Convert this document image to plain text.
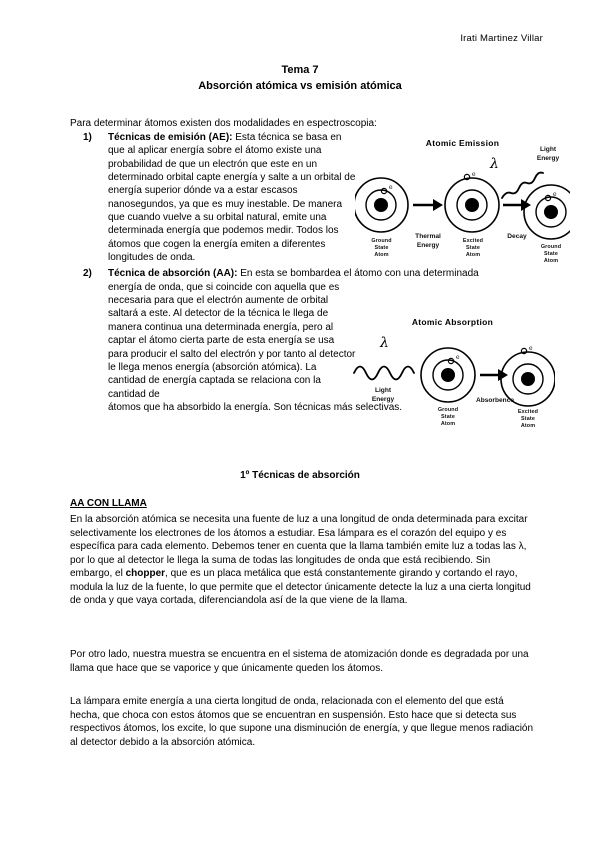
Irati Martinez Villar
Tema 7
Absorción atómica vs emisión atómica
Para determinar átomos existen dos modalidades en espectroscopia:
1)	Técnicas de emisión (AE): Esta técnica se basa en que al aplicar energía sobre el átomo existe una probabilidad de que un electrón que este en un determinado orbital capte energía y salte a un orbital de energía superior dónde va a estar escasos nanosegundos, ya que es muy inestable. De manera que cuando vuelve a su orbital natural, emite una determinada energía que podemos medir. Todos los átomos que cogen la energía emiten a diferentes longitudes de onda.
2)	Técnica de absorción (AA): En esta se bombardea el átomo con una determinada
energía de onda, que si coincide con aquella que es necesaria para que el electrón aumente de orbital saltará a este. Al detector de la técnica le llega de manera continua una determinada energía, pero al captar el átomo cierta parte de esta energía se usa para producir el salto del electrón y por tanto al detector le llega menos energía (absorción atómica). La cantidad de energía captada se relaciona con la cantidad de
átomos que ha absorbido la energía. Son técnicas más selectivas.
Atomic Emission
e
e
e
λ
Light
Energy
Ground
State
Atom
Thermal
Energy
Excited
State
Atom
Decay
Ground
State
Atom
Atomic Absorption
e
e
λ
Light
Energy
Ground
State
Atom
Absorbence
Excited
State
Atom
1º Técnicas de absorción
AA CON LLAMA
En la absorción atómica se necesita una fuente de luz a una longitud de onda determinada para excitar selectivamente los electrones de los átomos a estudiar. Esa lámpara es el corazón del equipo y es específica para cada elemento. Debemos tener en cuenta que la llama también emite luz a todas las λ, por lo que al detector le llega la suma de todas las longitudes de onda que está recibiendo. Sin embargo, el chopper, que es un placa metálica que está constantemente girando y cortando el rayo, modula la luz de la fuente, lo que permite que el detector únicamente detecte la luz a una cierta longitud de onda y que vaya cortada, diferenciandola así de la que viene de la llama.
Por otro lado, nuestra muestra se encuentra en el sistema de atomización donde es degradada por una llama que hace que se vaporice y que únicamente queden los átomos.
La lámpara emite energía a una cierta longitud de onda, relacionada con el elemento del que está hecha, que choca con estos átomos que se encuentran en suspensión. Esto hace que si detecta sus respectivos átomos, los excite, lo que supone una disminución de energía, y que llegue menos radiación al detector debido a la absorción atómica.
